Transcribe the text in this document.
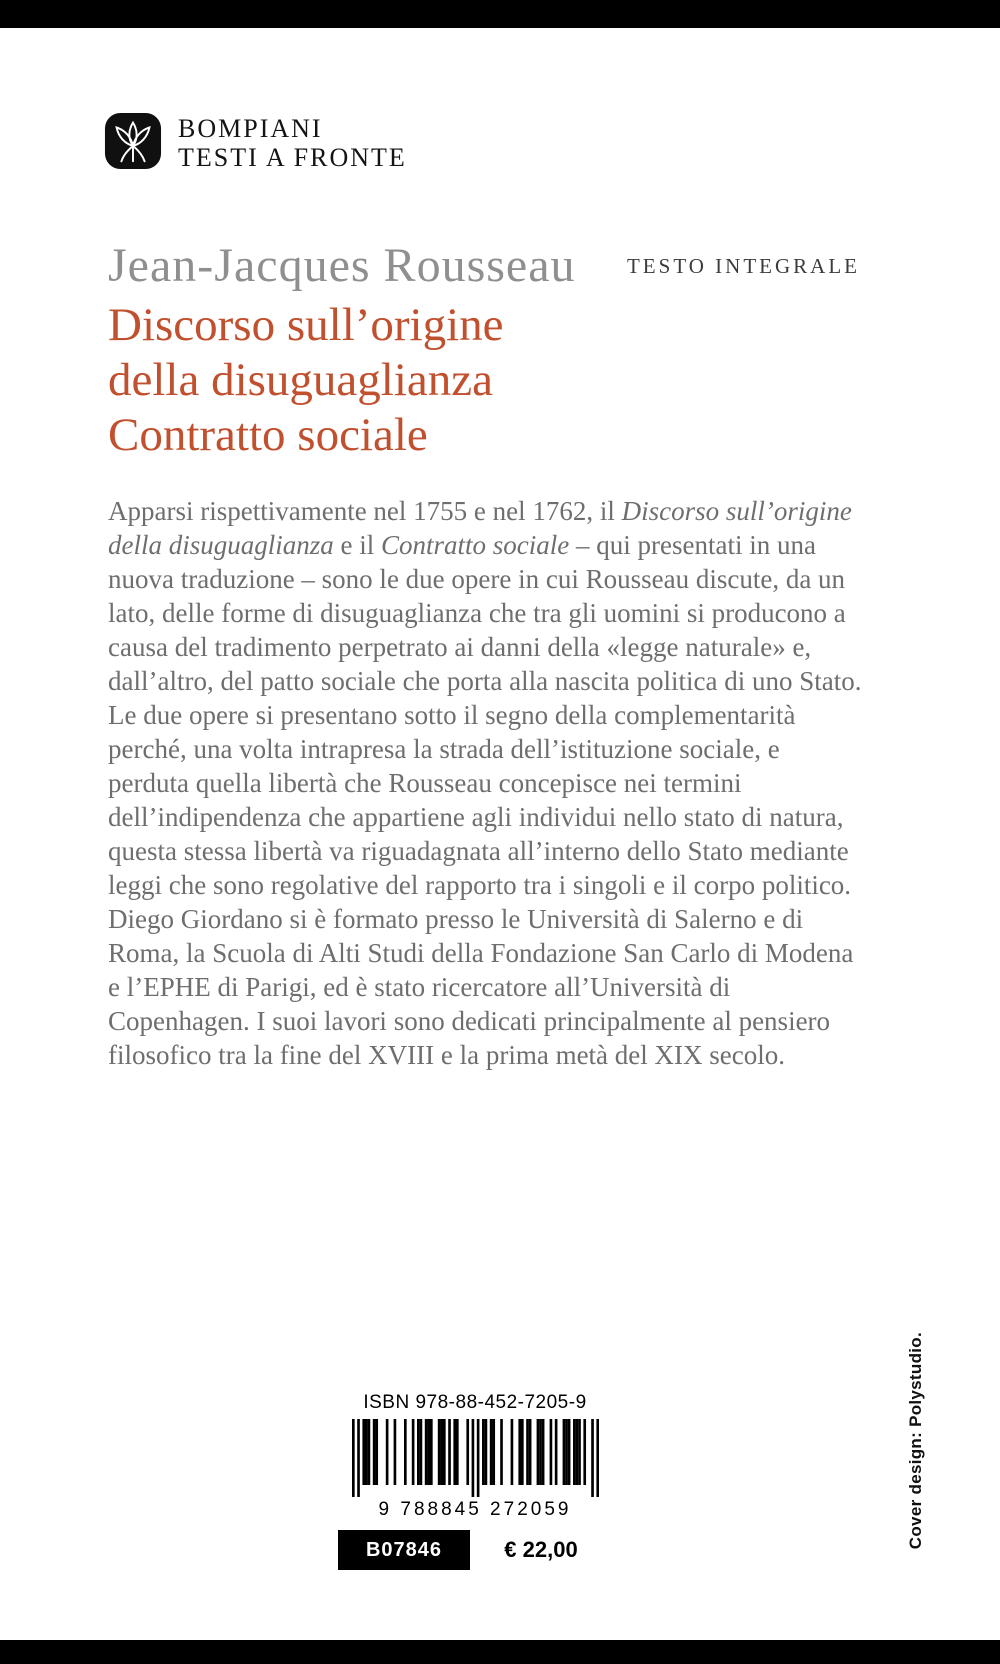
BOMPIANI
TESTI A FRONTE
TESTO INTEGRALE
Jean-Jacques Rousseau
Discorso sull’origine
della disuguaglianza
Contratto sociale
Apparsi rispettivamente nel 1755 e nel 1762, il Discorso sull’origine della disuguaglianza e il Contratto sociale – qui presentati in una nuova traduzione – sono le due opere in cui Rousseau discute, da un lato, delle forme di disuguaglianza che tra gli uomini si producono a causa del tradimento perpetrato ai danni della «legge naturale» e, dall’altro, del patto sociale che porta alla nascita politica di uno Stato. Le due opere si presentano sotto il segno della complementarità perché, una volta intrapresa la strada dell’istituzione sociale, e perduta quella libertà che Rousseau concepisce nei termini dell’indipendenza che appartiene agli individui nello stato di natura, questa stessa libertà va riguadagnata all’interno dello Stato mediante leggi che sono regolative del rapporto tra i singoli e il corpo politico. Diego Giordano si è formato presso le Università di Salerno e di Roma, la Scuola di Alti Studi della Fondazione San Carlo di Modena e l’EPHE di Parigi, ed è stato ricercatore all’Università di Copenhagen. I suoi lavori sono dedicati principalmente al pensiero filosofico tra la fine del XVIII e la prima metà del XIX secolo.
ISBN 978-88-452-7205-9
9 788845 272059
B07846	€ 22,00
Cover design: Polystudio.
